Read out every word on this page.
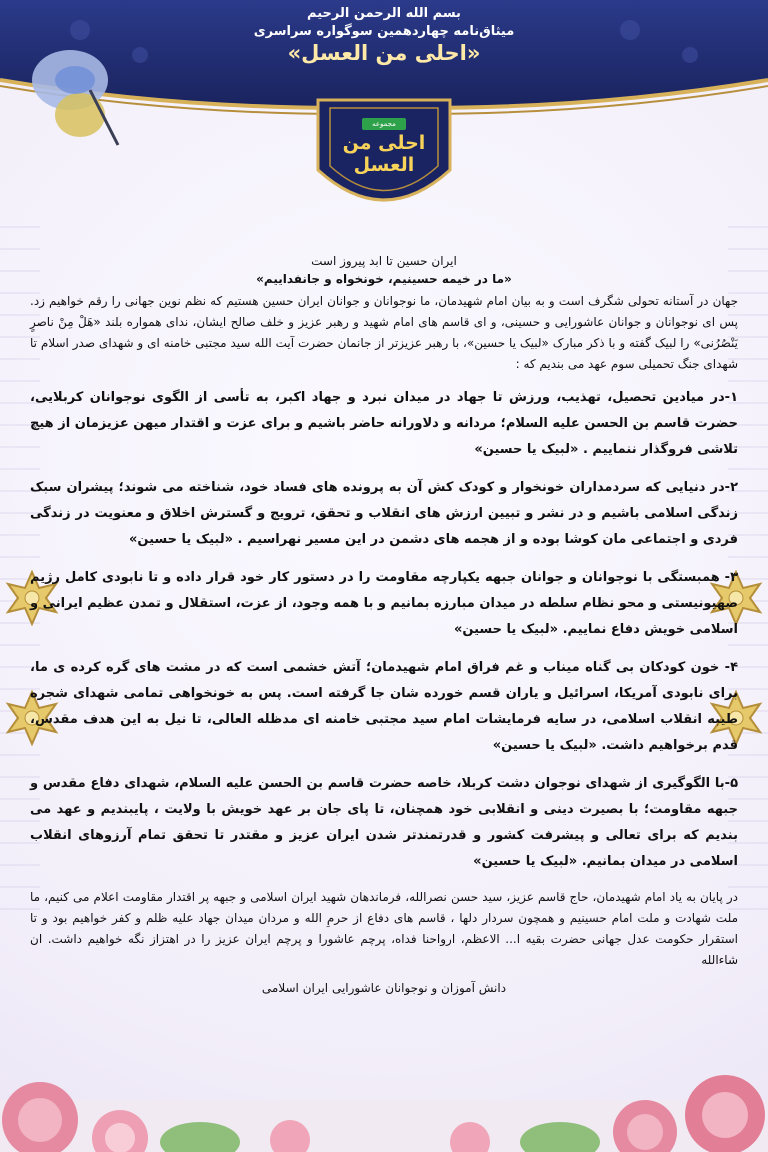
بسم الله الرحمن الرحیم
میثاق‌نامه چهاردهمین سوگواره سراسری
«احلی من العسل»
مجموعه
احلی من العسل

ایران حسین تا ابد پیروز است

«ما در خیمه حسینیم، خونخواه و جانفداییم»

جهان در آستانه تحولی شگرف است و به بیان امام شهیدمان، ما نوجوانان و جوانان ایران حسین هستیم که نظم نوین جهانی را رقم خواهیم زد. پس ای نوجوانان و جوانان عاشورایی و حسینی، و ای قاسم های امام شهید و رهبر عزیز و خلف صالح ایشان، ندای همواره بلند «هَلْ مِنْ ناصرٍ یَنْصُرُنی» را لبیک گفته و با ذکر مبارک «لبیک یا حسین»، با رهبر عزیزتر از جانمان حضرت آیت الله سید مجتبی خامنه ای و شهدای صدر اسلام تا شهدای جنگ تحمیلی سوم عهد می بندیم که :

۱-در میادین تحصیل، تهذیب، ورزش تا جهاد در میدان نبرد و جهاد اکبر، به تأسی از الگوی نوجوانان کربلایی، حضرت قاسم بن الحسن علیه السلام؛ مردانه و دلاورانه حاضر باشیم و برای عزت و اقتدار میهن عزیزمان از هیچ تلاشی فروگذار ننماییم . «لبیک یا حسین»

۲-در دنیایی که سردمداران خونخوار و کودک کش آن به پرونده های فساد خود، شناخته می شوند؛ پیشران سبک زندگی اسلامی باشیم و در نشر و تبیین ارزش های انقلاب و تحقق، ترویج و گسترش اخلاق و معنویت در زندگی فردی و اجتماعی مان کوشا بوده و از هجمه های دشمن در این مسیر نهراسیم . «لبیک یا حسین»

۳- همبستگی با نوجوانان و جوانان جبهه یکپارچه مقاومت را در دستور کار خود قرار داده و تا نابودی کامل رژیم صهیونیستی و محو نظام سلطه در میدان مبارزه بمانیم و با همه وجود، از عزت، استقلال و تمدن عظیم ایرانی و اسلامی خویش دفاع نماییم. «لبیک یا حسین»

۴- خون کودکان بی گناه میناب و غم فراق امام شهیدمان؛ آتش خشمی است که در مشت های گره کرده ی ما، برای نابودی آمریکا، اسرائیل و یاران قسم خورده شان جا گرفته است. پس به خونخواهی تمامی شهدای شجره طیبه انقلاب اسلامی، در سایه فرمایشات امام سید مجتبی خامنه ای مدظله العالی، تا نیل به این هدف مقدس، قدم برخواهیم داشت. «لبیک یا حسین»

۵-با الگوگیری از شهدای نوجوان دشت کربلا، خاصه حضرت قاسم بن الحسن علیه السلام، شهدای دفاع مقدس و جبهه مقاومت؛ با بصیرت دینی و انقلابی خود همچنان، تا پای جان بر عهد خویش با ولایت ، پایبندیم و عهد می بندیم که برای تعالی و پیشرفت کشور و قدرتمندتر شدن ایران عزیز و مقتدر تا تحقق تمام آرزوهای انقلاب اسلامی در میدان بمانیم. «لبیک یا حسین»

در پایان به یاد امام شهیدمان، حاج قاسم عزیز، سید حسن نصرالله، فرماندهان شهید ایران اسلامی و جبهه پر اقتدار مقاومت اعلام می کنیم، ما ملت شهادت و ملت امام حسینیم و همچون سردار دلها ، قاسم های دفاع از حرمِ الله و مردان میدان جهاد علیه ظلم و کفر خواهیم بود و تا استقرار حکومت عدل جهانی حضرت بقیه ا... الاعظم، ارواحنا فداه، پرچم عاشورا و پرچم ایران عزیز را در اهتزاز نگه خواهیم داشت. ان شاءالله

دانش آموزان و نوجوانان عاشورایی ایران اسلامی
